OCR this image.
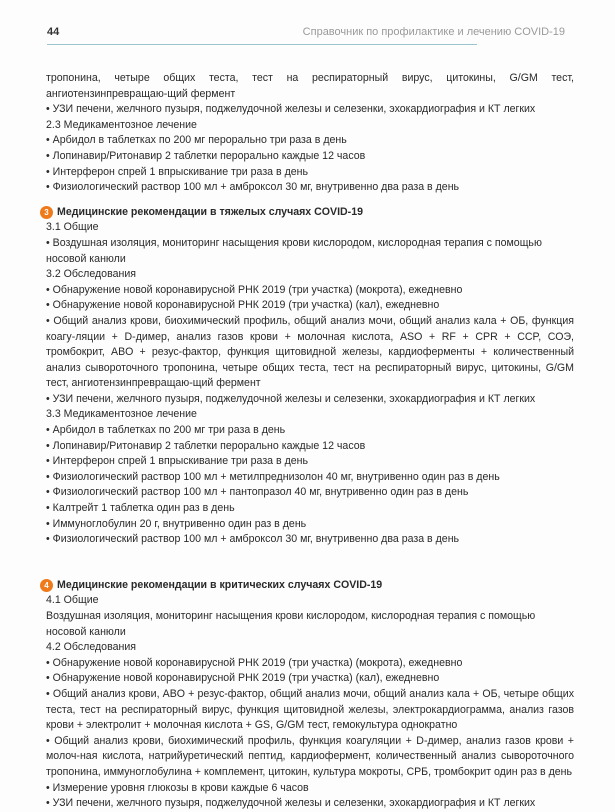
44	Справочник по профилактике и лечению COVID-19
тропонина, четыре общих теста, тест на респираторный вирус, цитокины, G/GM тест, ангиотензинпревращаю-щий фермент
• УЗИ печени, желчного пузыря, поджелудочной железы и селезенки, эхокардиография и КТ легких
2.3 Медикаментозное лечение
• Арбидол в таблетках по 200 мг перорально три раза в день
• Лопинавир/Ритонавир 2 таблетки перорально каждые 12 часов
• Интерферон спрей 1 впрыскивание три раза в день
• Физиологический раствор 100 мл + амброксол 30 мг, внутривенно два раза в день
3 Медицинские рекомендации в тяжелых случаях COVID-19
3.1 Общие
• Воздушная изоляция, мониторинг насыщения крови кислородом, кислородная терапия с помощью носовой канюли
3.2 Обследования
• Обнаружение новой коронавирусной РНК 2019 (три участка) (мокрота), ежедневно
• Обнаружение новой коронавирусной РНК 2019 (три участка) (кал), ежедневно
• Общий анализ крови, биохимический профиль, общий анализ мочи, общий анализ кала + ОБ, функция коагу-ляции + D-димер, анализ газов крови + молочная кислота, ASO + RF + CPR + CCP, СОЭ, тромбокрит, ABO + резус-фактор, функция щитовидной железы, кардиоферменты + количественный анализ сывороточного тропонина, четыре общих теста, тест на респираторный вирус, цитокины, G/GM тест, ангиотензинпревращаю-щий фермент
• УЗИ печени, желчного пузыря, поджелудочной железы и селезенки, эхокардиография и КТ легких
3.3 Медикаментозное лечение
• Арбидол в таблетках по 200 мг три раза в день
• Лопинавир/Ритонавир 2 таблетки перорально каждые 12 часов
• Интерферон спрей 1 впрыскивание три раза в день
• Физиологический раствор 100 мл + метилпреднизолон 40 мг, внутривенно один раз в день
• Физиологический раствор 100 мл + пантопразол 40 мг, внутривенно один раз в день
• Калтрейт 1 таблетка один раз в день
• Иммуноглобулин 20 г, внутривенно один раз в день
• Физиологический раствор 100 мл + амброксол 30 мг, внутривенно два раза в день
4 Медицинские рекомендации в критических случаях COVID-19
4.1 Общие
Воздушная изоляция, мониторинг насыщения крови кислородом, кислородная терапия с помощью носовой канюли
4.2 Обследования
• Обнаружение новой коронавирусной РНК 2019 (три участка) (мокрота), ежедневно
• Обнаружение новой коронавирусной РНК 2019 (три участка) (кал), ежедневно
• Общий анализ крови, ABO + резус-фактор, общий анализ мочи, общий анализ кала + ОБ, четыре общих теста, тест на респираторный вирус, функция щитовидной железы, электрокардиограмма, анализ газов крови + электролит + молочная кислота + GS, G/GM тест, гемокультура однократно
• Общий анализ крови, биохимический профиль, функция коагуляции + D-димер, анализ газов крови + молоч-ная кислота, натрийуретический пептид, кардиофермент, количественный анализ сывороточного тропонина, иммуноглобулина + комплемент, цитокин, культура мокроты, СРБ, тромбокрит один раз в день
• Измерение уровня глюкозы в крови каждые 6 часов
• УЗИ печени, желчного пузыря, поджелудочной железы и селезенки, эхокардиография и КТ легких
